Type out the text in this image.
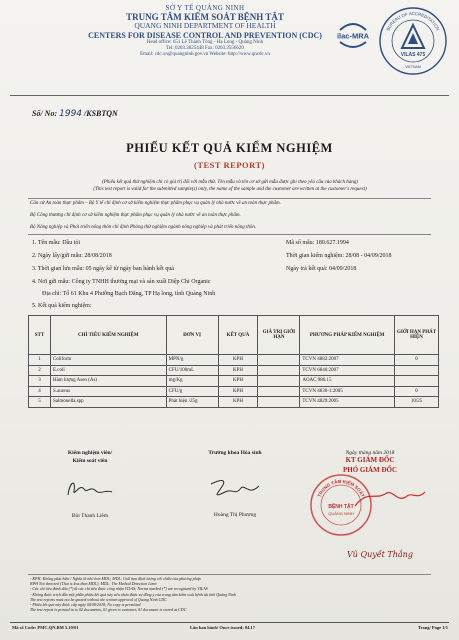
SỞ Y TẾ QUẢNG NINH
TRUNG TÂM KIỂM SOÁT BỆNH TẬT
QUANG NINH DEPARTMENT OF HEALTH
CENTERS FOR DISEASE CONTROL AND PREVENTION (CDC)
Head office: 651 Lê Thánh Tông - Hạ Long - Quảng Ninh
Tel: 0203.3825448 Fax: 0203.3556620
Email: cdc.xn@quangninh.gov.vn Website: http://www.qncdc.vn
ilac-MRA
BUREAU OF ACCREDITATION
VILAS 475
VIETNAM
Số/ No: 1994 /KSBTQN
PHIẾU KẾT QUẢ KIỂM NGHIỆM
(TEST REPORT)
(Phiếu kết quả thử nghiệm chỉ có giá trị đối với mẫu thử. Tên mẫu và tên cơ sở gửi mẫu được ghi theo yêu cầu của khách hàng)
(This test report is valid for the submitted sample(s) only, the name of the sample and the customer are written at the customer's request)
Căn cứ An toàn thực phẩm – Bộ Y tế chỉ định cơ sở kiểm nghiệm thực phẩm phục vụ quản lý nhà nước về an toàn thực phẩm.
Bộ Công thương chỉ định cơ sở kiểm nghiệm thực phẩm phục vụ quản lý nhà nước về an toàn thực phẩm.
Bộ Nông nghiệp và Phát triển nông thôn chỉ định Phòng thử nghiệm ngành nông nghiệp và phát triển nông thôn.
1. Tên mẫu: Dầu tỏi	Mã số mẫu: 180.627.1994
2. Ngày lấy/gửi mẫu: 28/08/2018	Thời gian kiểm nghiệm: 28/08 - 04/09/2018
3. Thời gian lưu mẫu: 05 ngày kể từ ngày ban hành kết quả	Ngày trả kết quả: 04/09/2018
4. Nơi gửi mẫu: Công ty TNHH thương mại và sản xuất Diệp Chi Organic
Địa chỉ: Tổ 61 Khu 4 Phường Bạch Đằng, TP Hạ long, tỉnh Quảng Ninh
5. Kết quả kiểm nghiệm:
STT	CHỈ TIÊU KIỂM NGHIỆM	ĐƠN VỊ	KẾT QUẢ	GIÁ TRỊ GIỚI HẠN	PHƯƠNG PHÁP KIỂM NGHIỆM	GIỚI HẠN PHÁT HIỆN
1	Coliform	MPN/g	KPH		TCVN 4882:2007	0
2	E.coli	CFU/100mL	KPH		TCVN 6846:2007	
3	Hàm lượng Asen (As)	mg/Kg	KPH		AOAC 986.15	
4	S.aureus	CFU/g	KPH		TCVN 4830-1:2005	0
5	Salmonella.spp	Phát hiện /25g	KPH		TCVN 4829:2005	10/25
Kiểm nghiệm viên/
Kiểm soát viên
Bùi Thanh Liêm
Trưởng khoa Hóa sinh
Hoàng Thị Phượng
Ngày tháng năm 2018
KT GIÁM ĐỐC
PHÓ GIÁM ĐỐC
TRUNG TÂM KIỂM SOÁT
BỆNH TẬT
QUẢNG NINH
Vũ Quyết Thắng
- KPH: Không phát hiện / Nghĩa là nhỏ hơn MDL; MDL: Giới hạn định lượng với chiều của phương pháp
KPH Not detected (That is less than MDL); MDL: The Method Detection Limit
- Các chỉ tiêu đánh dấu (*) là các chỉ tiêu được công nhận VILAS; Norms marked (*) are recognized by VILAS
- Không được trích dẫn một phần phiếu kết quả này nếu chưa được sự đồng ý của trung tâm kiểm soát bệnh tật tỉnh Quảng Ninh
The test reports must not be quoted without the written approval of Quang Ninh CDC
- Phiếu kết quả này được cấp ngày 04/09/2018; No copy is permitted
The test report is printed in to 02 documents, 01 given to customer, 01 document is stored at CDC
Mã số Code: PMC.QN.BM 5.10/01	Lần ban hành/ Once issued: 04.17	Trang/ Page 1/1
